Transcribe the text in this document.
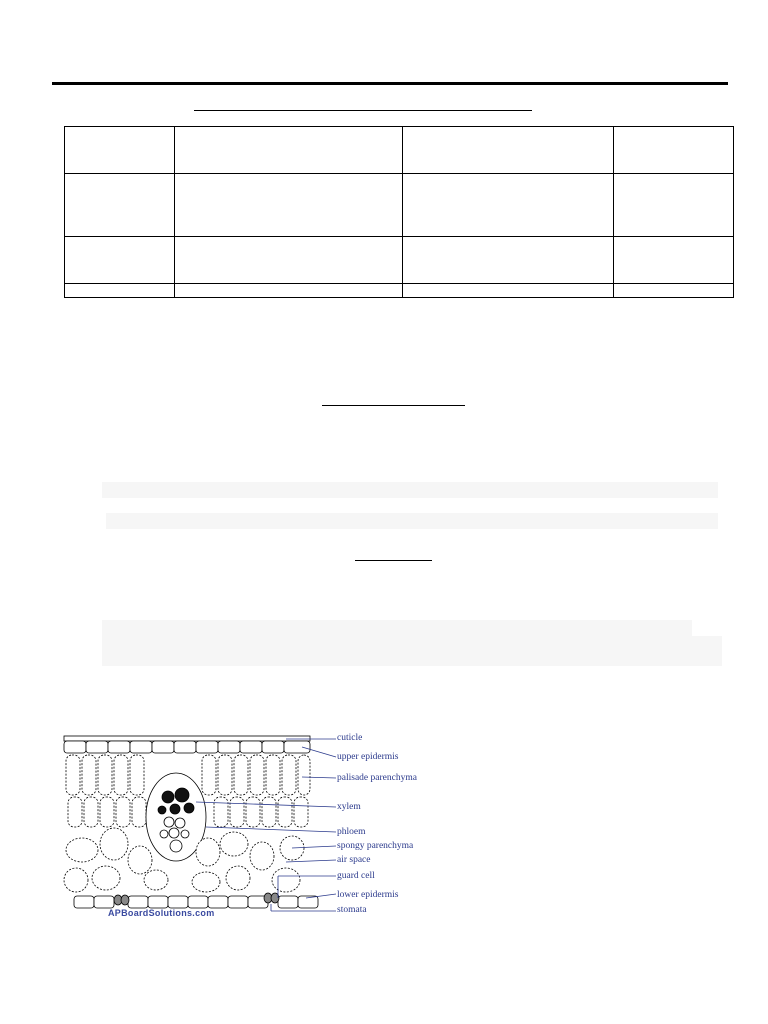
cuticle
upper epidermis
palisade parenchyma
xylem
phloem
spongy parenchyma
air space
guard cell
lower epidermis
stomata
APBoardSolutions.com
